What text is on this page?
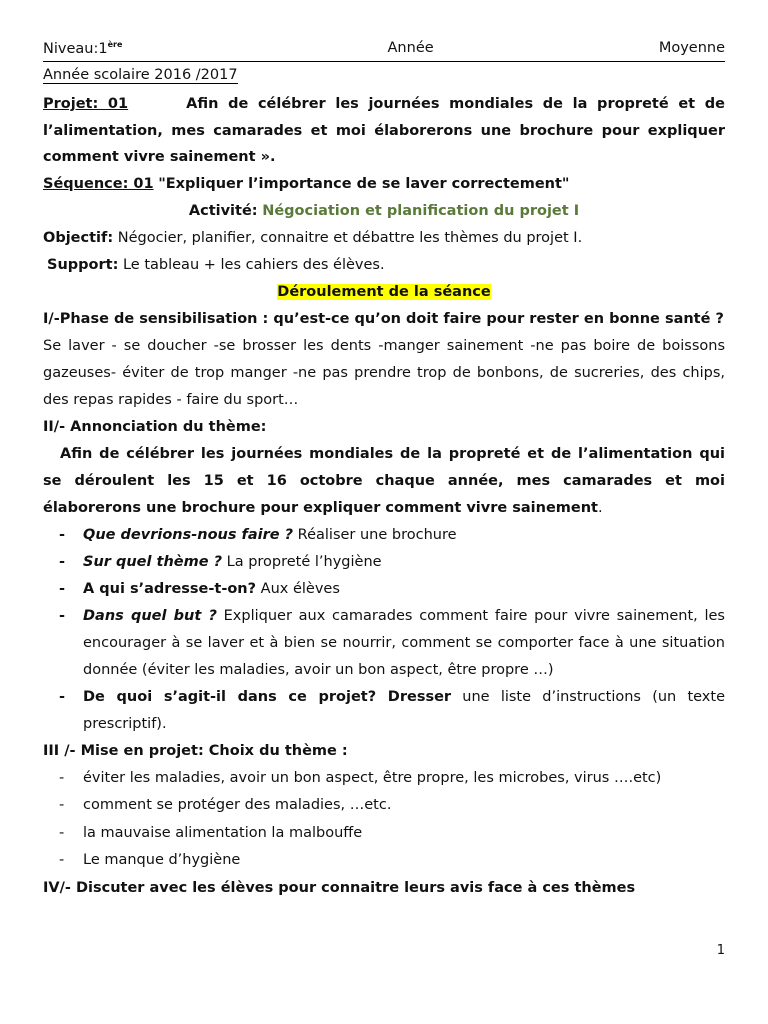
Niveau:1ère	Année	Moyenne
Année scolaire 2016 /2017
Projet: 01	Afin de célébrer les journées mondiales de la propreté et de l’alimentation, mes camarades et moi élaborerons une brochure pour expliquer comment vivre sainement ».
Séquence: 01 "Expliquer l’importance de se laver correctement"
Activité: Négociation et planification du projet I
Objectif: Négocier, planifier, connaitre et débattre les thèmes du projet I.
Support: Le tableau + les cahiers des élèves.
Déroulement de la séance
I/-Phase de sensibilisation : qu’est-ce qu’on doit faire pour rester en bonne santé ?
Se laver - se doucher -se brosser les dents -manger sainement -ne pas boire de boissons gazeuses- éviter de trop manger -ne pas prendre trop de bonbons, de sucreries, des chips, des repas rapides - faire du sport…
II/- Annonciation du thème:
Afin de célébrer les journées mondiales de la propreté et de l’alimentation qui se déroulent les 15 et 16 octobre chaque année, mes camarades et moi élaborerons une brochure pour expliquer comment vivre sainement.
- Que devrions-nous faire ? Réaliser une brochure
- Sur quel thème ? La propreté l’hygiène
- A qui s’adresse-t-on? Aux élèves
- Dans quel but ? Expliquer aux camarades comment faire pour vivre sainement, les encourager à se laver et à bien se nourrir, comment se comporter face à une situation donnée (éviter les maladies, avoir un bon aspect, être propre …)
- De quoi s’agit-il dans ce projet? Dresser une liste d’instructions (un texte prescriptif).
III /- Mise en projet: Choix du thème :
- éviter les maladies, avoir un bon aspect, être propre, les microbes, virus ….etc)
- comment se protéger des maladies, …etc.
- la mauvaise alimentation la malbouffe
- Le manque d’hygiène
IV/- Discuter avec les élèves pour connaitre leurs avis face à ces thèmes
1
